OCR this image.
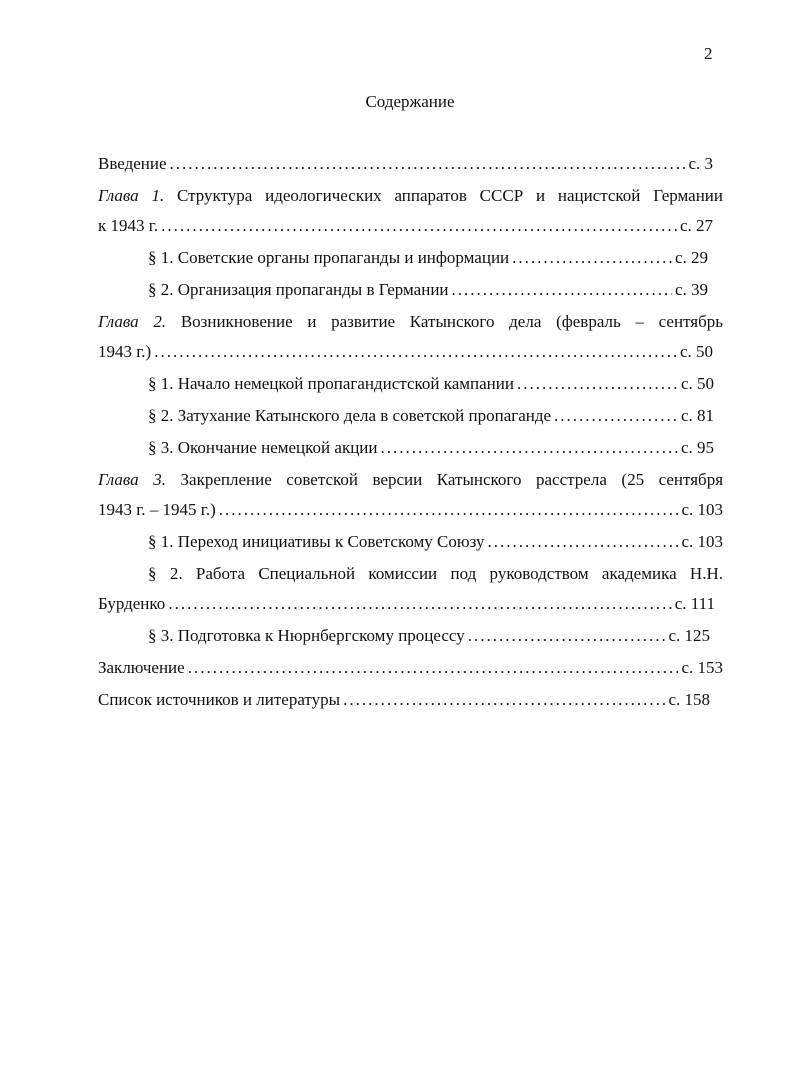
2
Содержание
Введение .....	с. 3
Глава 1. Структура идеологических аппаратов СССР и нацистской Германии
к 1943 г. .....	с. 27
§ 1. Советские органы пропаганды и информации .....	с. 29
§ 2. Организация пропаганды в Германии .....	с. 39
Глава 2. Возникновение и развитие Катынского дела (февраль – сентябрь
1943 г.) .....	с. 50
§ 1. Начало немецкой пропагандистской кампании .....	с. 50
§ 2. Затухание Катынского дела в советской пропаганде .....	с. 81
§ 3. Окончание немецкой акции .....	с. 95
Глава 3. Закрепление советской версии Катынского расстрела (25 сентября
1943 г. – 1945 г.) .....	с. 103
§ 1. Переход инициативы к Советскому Союзу .....	с. 103
§ 2. Работа Специальной комиссии под руководством академика Н.Н.
Бурденко .....	с. 111
§ 3. Подготовка к Нюрнбергскому процессу .....	с. 125
Заключение .....	с. 153
Список источников и литературы .....	с. 158
